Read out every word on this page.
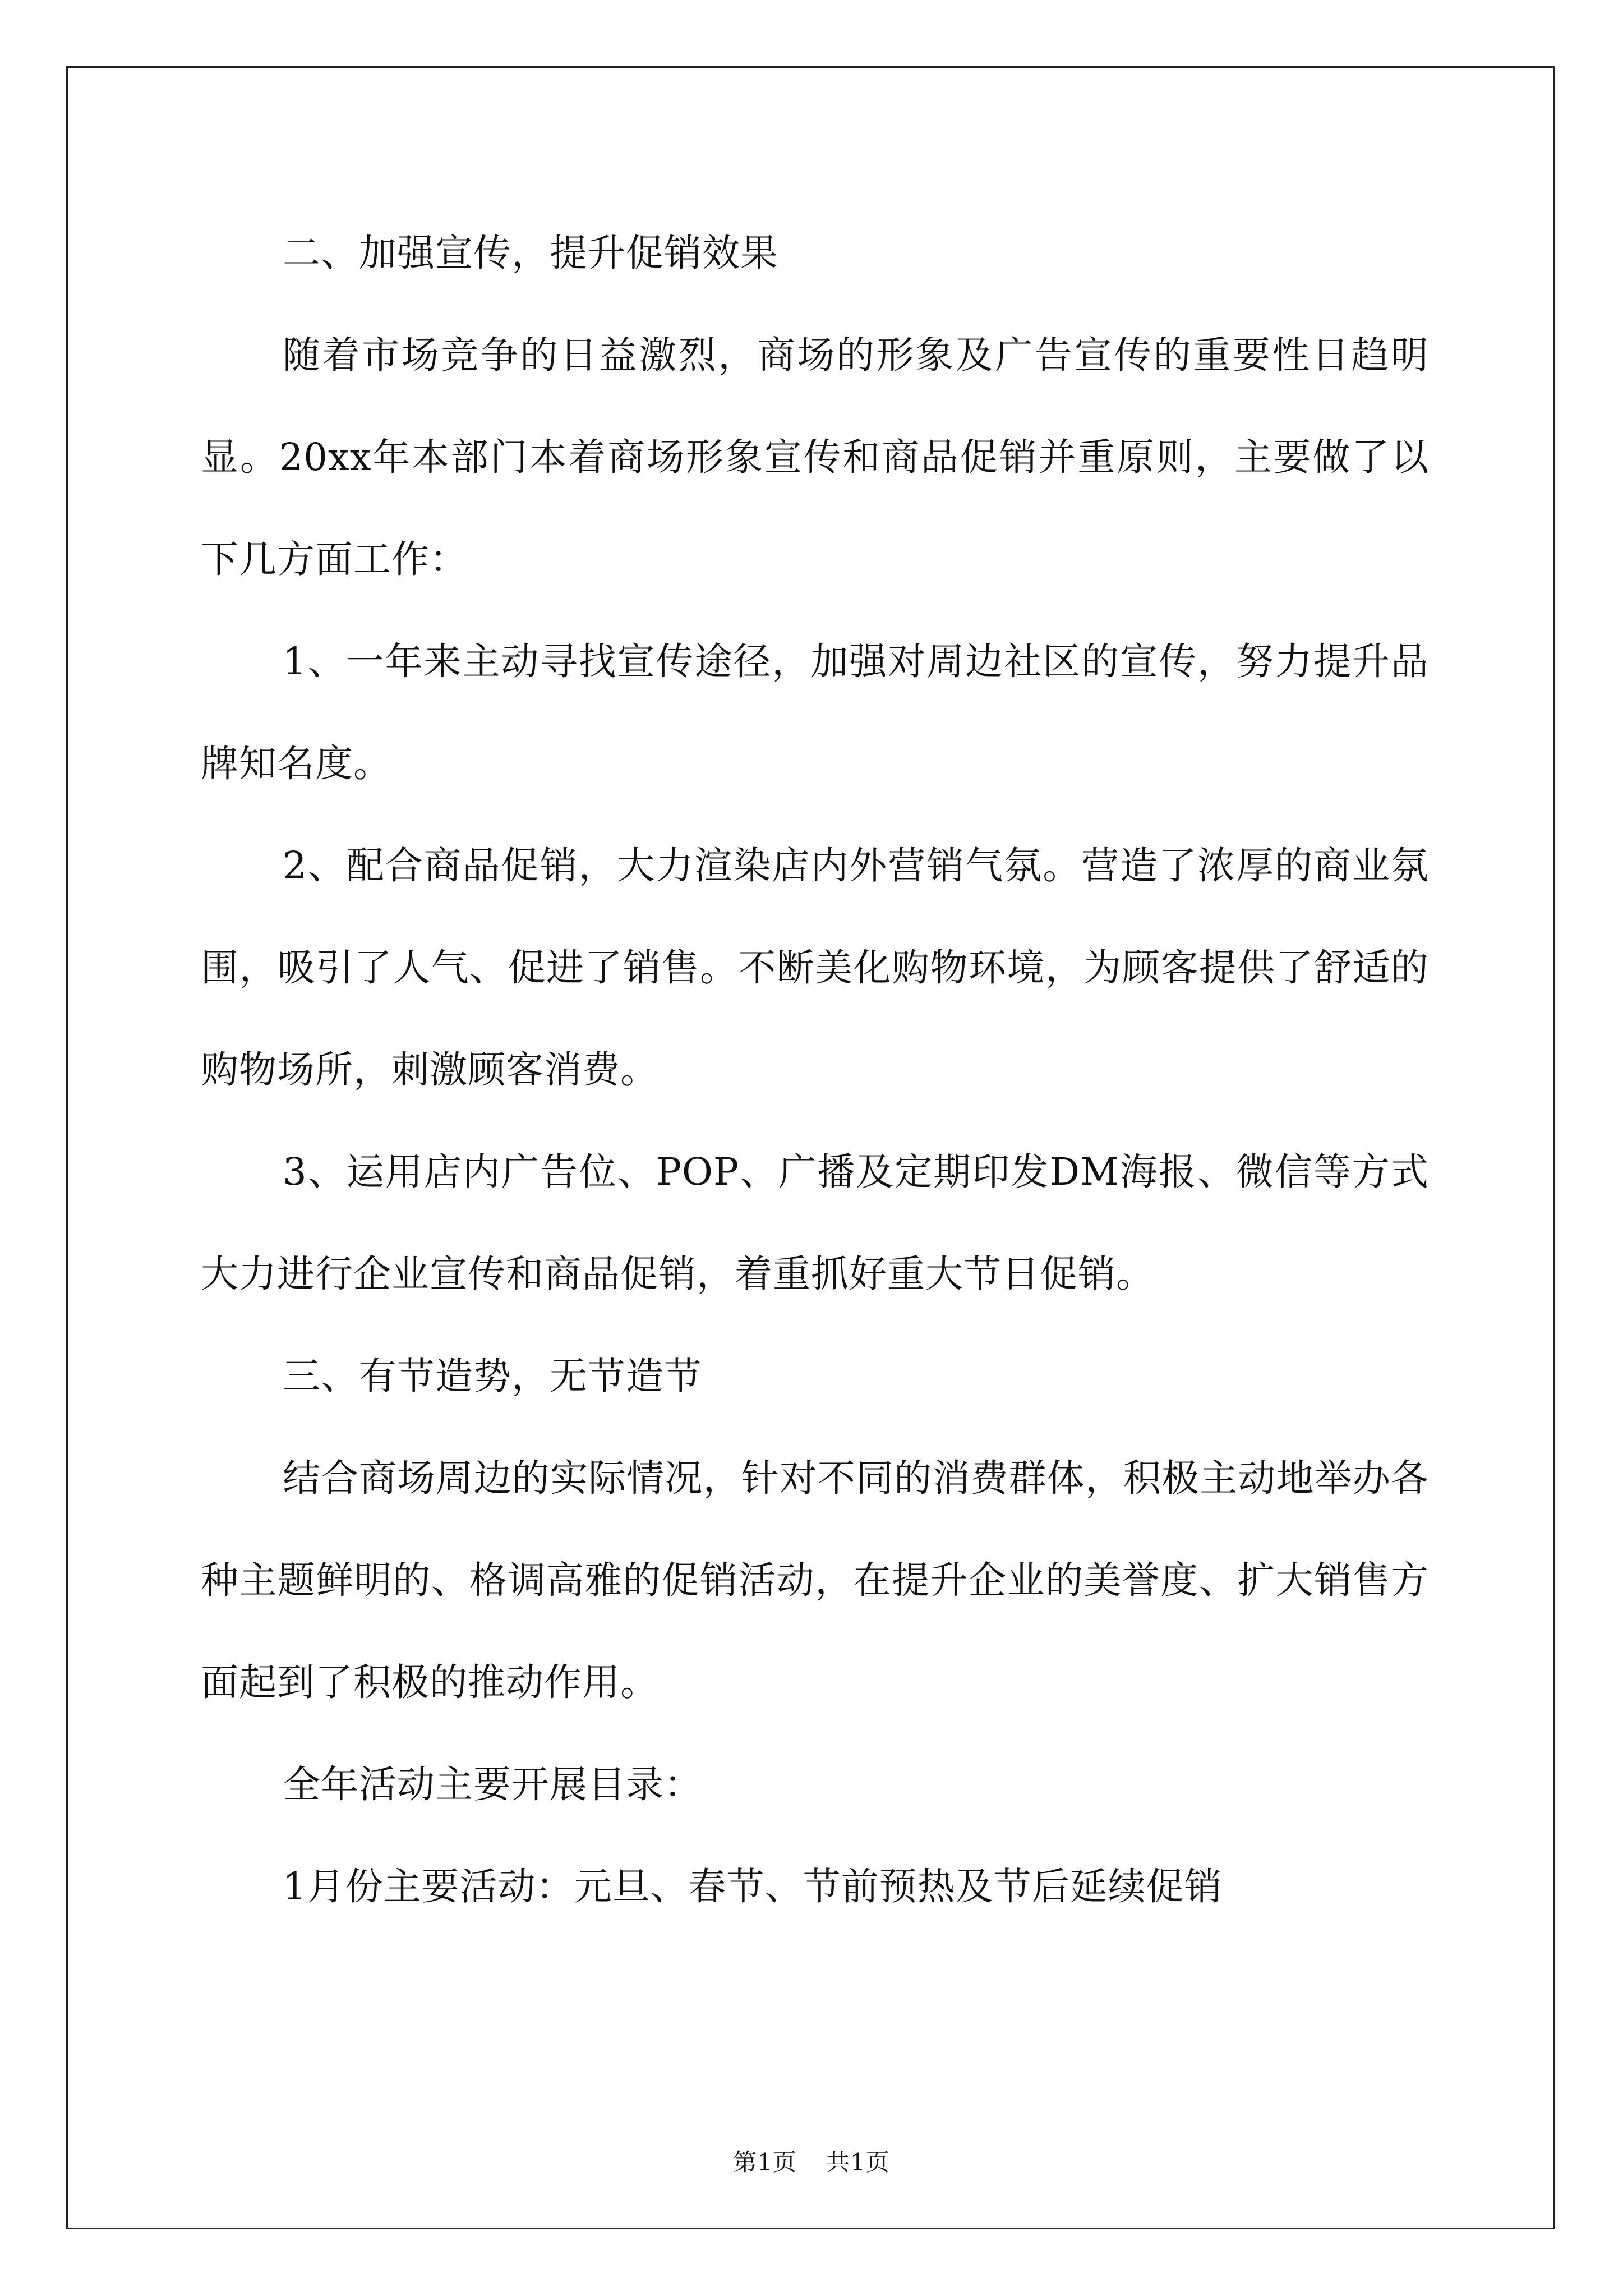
二、加强宣传，提升促销效果

随着市场竞争的日益激烈，商场的形象及广告宣传的重要性日趋明显。20xx年本部门本着商场形象宣传和商品促销并重原则，主要做了以下几方面工作：

1、一年来主动寻找宣传途径，加强对周边社区的宣传，努力提升品牌知名度。

2、配合商品促销，大力渲染店内外营销气氛。营造了浓厚的商业氛围，吸引了人气、促进了销售。不断美化购物环境，为顾客提供了舒适的购物场所，刺激顾客消费。

3、运用店内广告位、POP、广播及定期印发DM海报、微信等方式大力进行企业宣传和商品促销，着重抓好重大节日促销。

三、有节造势，无节造节

结合商场周边的实际情况，针对不同的消费群体，积极主动地举办各种主题鲜明的、格调高雅的促销活动，在提升企业的美誉度、扩大销售方面起到了积极的推动作用。

全年活动主要开展目录：

1月份主要活动：元旦、春节、节前预热及节后延续促销

第1页 共1页
